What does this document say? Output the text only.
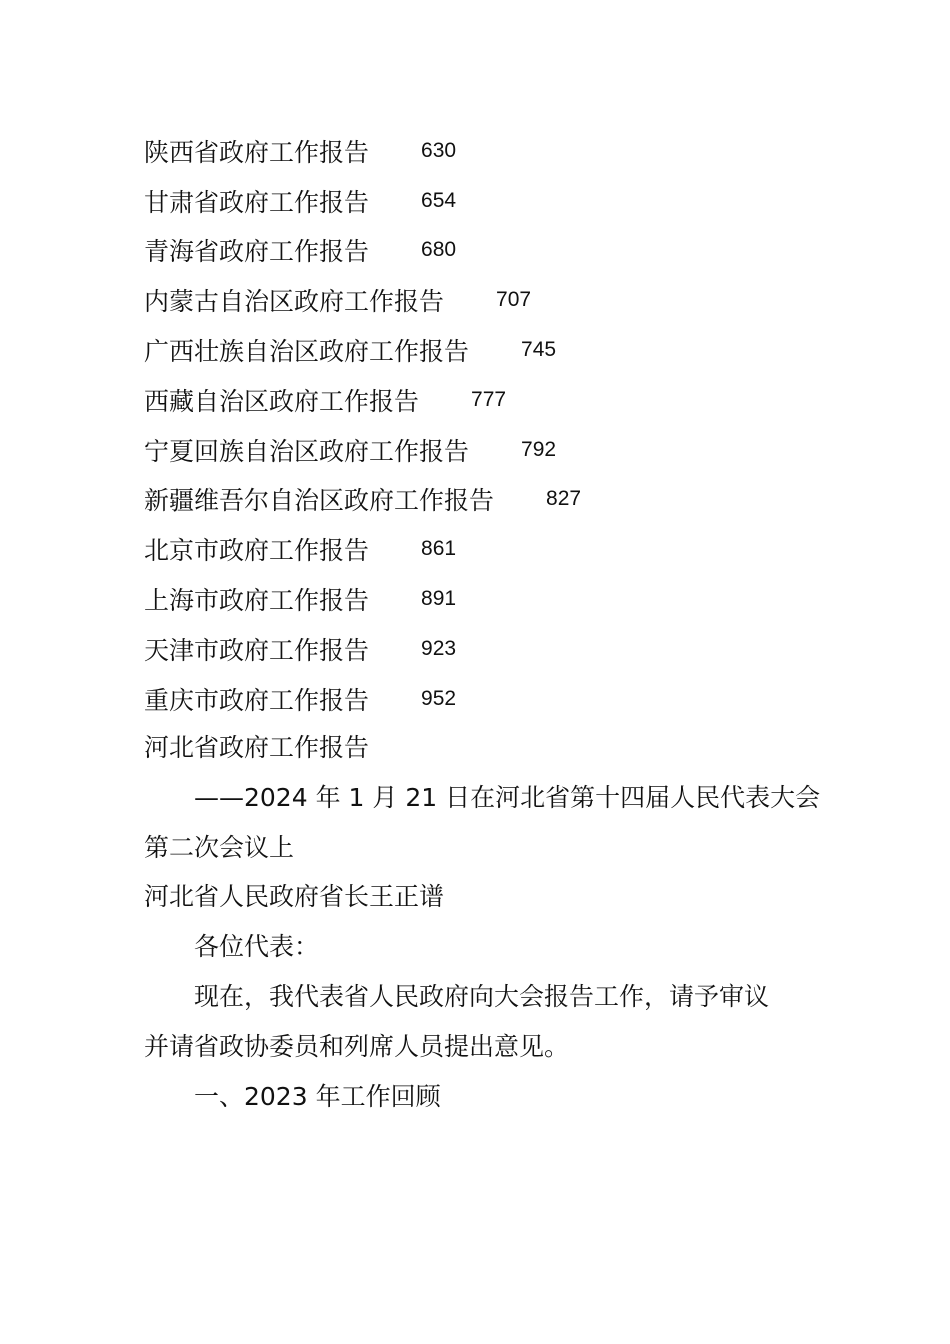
陕西省政府工作报告 630
甘肃省政府工作报告 654
青海省政府工作报告 680
内蒙古自治区政府工作报告 707
广西壮族自治区政府工作报告 745
西藏自治区政府工作报告 777
宁夏回族自治区政府工作报告 792
新疆维吾尔自治区政府工作报告 827
北京市政府工作报告 861
上海市政府工作报告 891
天津市政府工作报告 923
重庆市政府工作报告 952
河北省政府工作报告
——2024 年 1 月 21 日在河北省第十四届人民代表大会
第二次会议上
河北省人民政府省长王正谱
各位代表：
现在，我代表省人民政府向大会报告工作，请予审议
并请省政协委员和列席人员提出意见。
一、2023 年工作回顾
